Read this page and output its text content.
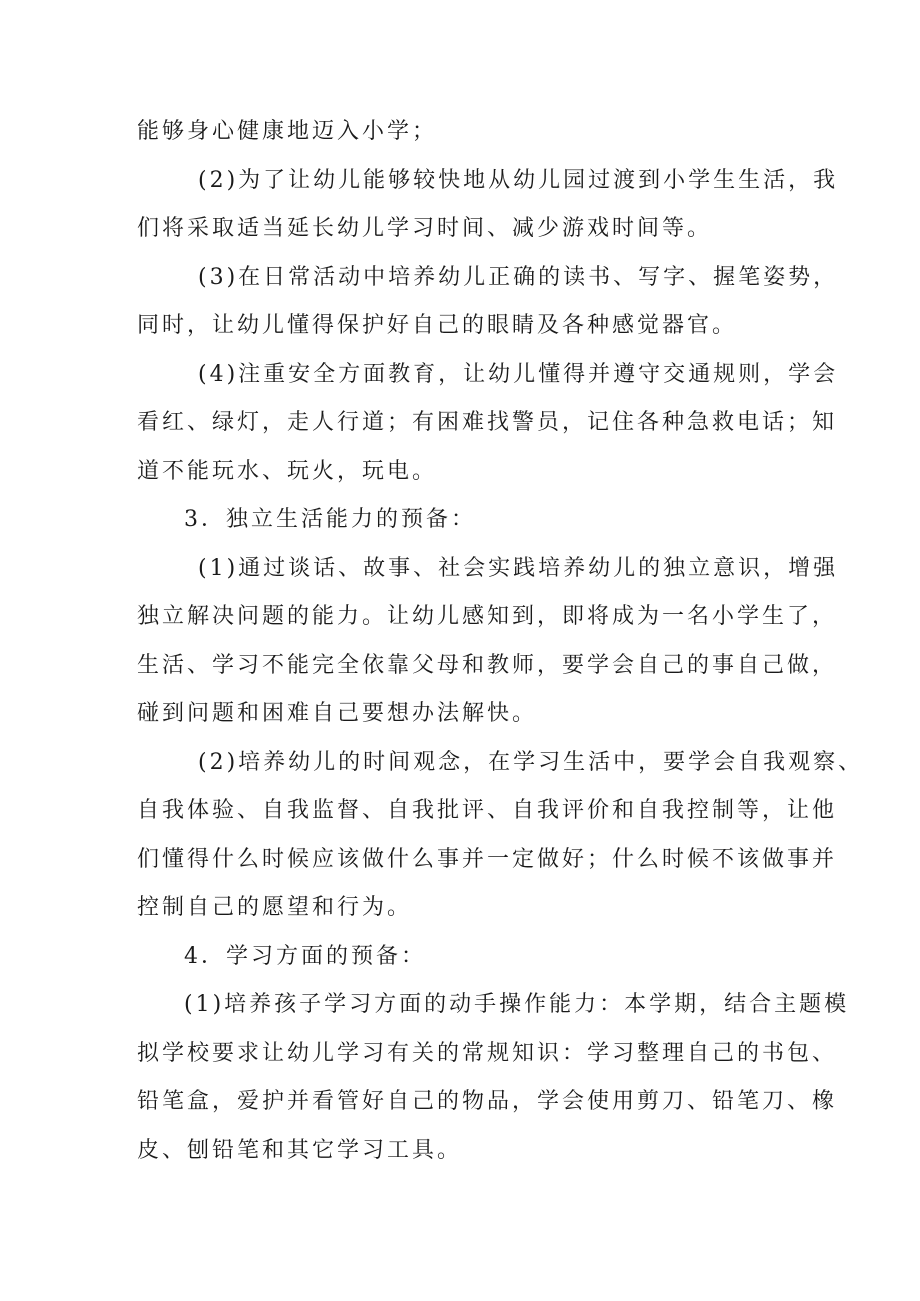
能够身心健康地迈入小学；
(2)为了让幼儿能够较快地从幼儿园过渡到小学生生活，我
们将采取适当延长幼儿学习时间、减少游戏时间等。
(3)在日常活动中培养幼儿正确的读书、写字、握笔姿势，
同时，让幼儿懂得保护好自己的眼睛及各种感觉器官。
(4)注重安全方面教育，让幼儿懂得并遵守交通规则，学会
看红、绿灯，走人行道；有困难找警员，记住各种急救电话；知
道不能玩水、玩火，玩电。
3．独立生活能力的预备：
(1)通过谈话、故事、社会实践培养幼儿的独立意识，增强
独立解决问题的能力。让幼儿感知到，即将成为一名小学生了，
生活、学习不能完全依靠父母和教师，要学会自己的事自己做，
碰到问题和困难自己要想办法解快。
(2)培养幼儿的时间观念，在学习生活中，要学会自我观察、
自我体验、自我监督、自我批评、自我评价和自我控制等，让他
们懂得什么时候应该做什么事并一定做好；什么时候不该做事并
控制自己的愿望和行为。
4．学习方面的预备：
(1)培养孩子学习方面的动手操作能力：本学期，结合主题模
拟学校要求让幼儿学习有关的常规知识：学习整理自己的书包、
铅笔盒，爱护并看管好自己的物品，学会使用剪刀、铅笔刀、橡
皮、刨铅笔和其它学习工具。
